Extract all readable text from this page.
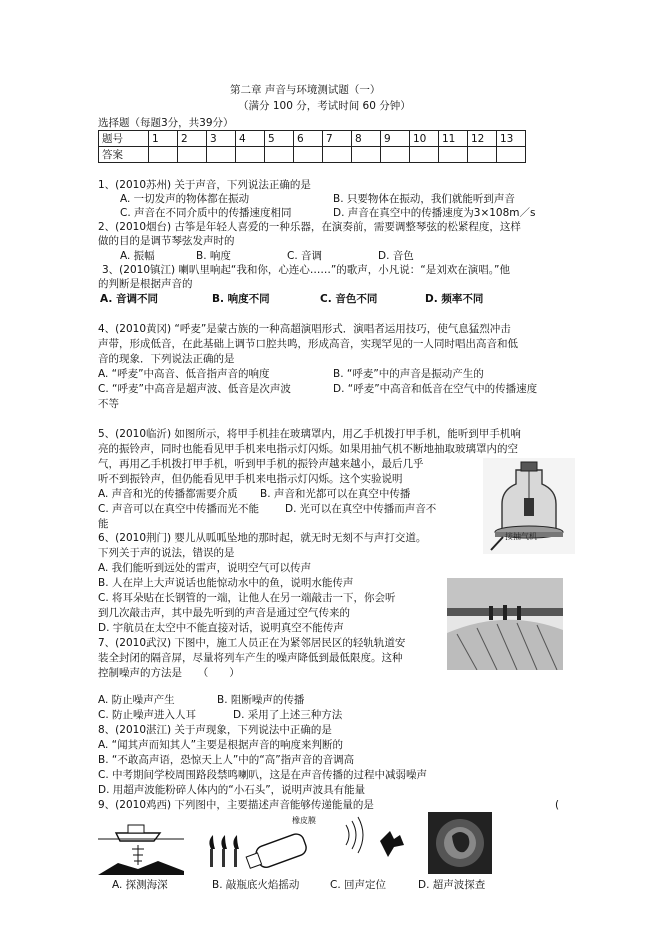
第二章 声音与环境测试题（一）
（满分 100 分，考试时间 60 分钟）
选择题（每题3分，共39分）
题号	1	2	3	4	5	6	7	8	9	10	11	12	13
答案													
1、(2010苏州) 关于声音，下列说法正确的是
A. 一切发声的物体都在振动	B. 只要物体在振动，我们就能听到声音
C. 声音在不同介质中的传播速度相同	D. 声音在真空中的传播速度为3×108m／s
2、(2010烟台) 古筝是年轻人喜爱的一种乐器，在演奏前，需要调整琴弦的松紧程度，这样
做的目的是调节琴弦发声时的
A. 振幅	B. 响度	C. 音调	D. 音色
3、(2010镇江) 喇叭里响起“我和你，心连心……”的歌声，小凡说：“是刘欢在演唱。”他
的判断是根据声音的
A. 音调不同	B. 响度不同	C. 音色不同	D. 频率不同
4、(2010黄冈) “呼麦”是蒙古族的一种高超演唱形式．演唱者运用技巧，使气息猛烈冲击
声带，形成低音，在此基础上调节口腔共鸣，形成高音，实现罕见的一人同时唱出高音和低
音的现象．下列说法正确的是
A. “呼麦”中高音、低音指声音的响度	B. “呼麦”中的声音是振动产生的
C. “呼麦”中高音是超声波、低音是次声波	D. “呼麦”中高音和低音在空气中的传播速度
不等
5、(2010临沂) 如图所示，将甲手机挂在玻璃罩内，用乙手机拨打甲手机，能听到甲手机响
亮的振铃声，同时也能看见甲手机来电指示灯闪烁。如果用抽气机不断地抽取玻璃罩内的空
气，再用乙手机拨打甲手机，听到甲手机的振铃声越来越小，最后几乎
听不到振铃声，但仍能看见甲手机来电指示灯闪烁。这个实验说明
A. 声音和光的传播都需要介质 B. 声音和光都可以在真空中传播
C. 声音可以在真空中传播而光不能 D. 光可以在真空中传播而声音不
能
接抽气机
6、(2010荆门) 婴儿从呱呱坠地的那时起，就无时无刻不与声打交道。
下列关于声的说法，错误的是
A. 我们能听到远处的雷声，说明空气可以传声
B. 人在岸上大声说话也能惊动水中的鱼，说明水能传声
C. 将耳朵贴在长钢管的一端，让他人在另一端敲击一下，你会听
到几次敲击声，其中最先听到的声音是通过空气传来的
D. 宇航员在太空中不能直接对话，说明真空不能传声
7、(2010武汉) 下图中，施工人员正在为紧邻居民区的轻轨轨道安
装全封闭的隔音屏，尽量将列车产生的噪声降低到最低限度。这种
控制噪声的方法是　　（　　）
A. 防止噪声产生	B. 阻断噪声的传播
C. 防止噪声进入人耳	D. 采用了上述三种方法
8、(2010湛江) 关于声现象，下列说法中正确的是
A. “闻其声而知其人”主要是根据声音的响度来判断的
B. “不敢高声语，恐惊天上人”中的“高”指声音的音调高
C. 中考期间学校周围路段禁鸣喇叭，这是在声音传播的过程中减弱噪声
D. 用超声波能粉碎人体内的“小石头”，说明声波具有能量
9、(2010鸡西) 下列图中，主要描述声音能够传递能量的是	(
橡皮膜
A. 探测海深	B. 敲瓶底火焰摇动	C. 回声定位	D. 超声波探查
